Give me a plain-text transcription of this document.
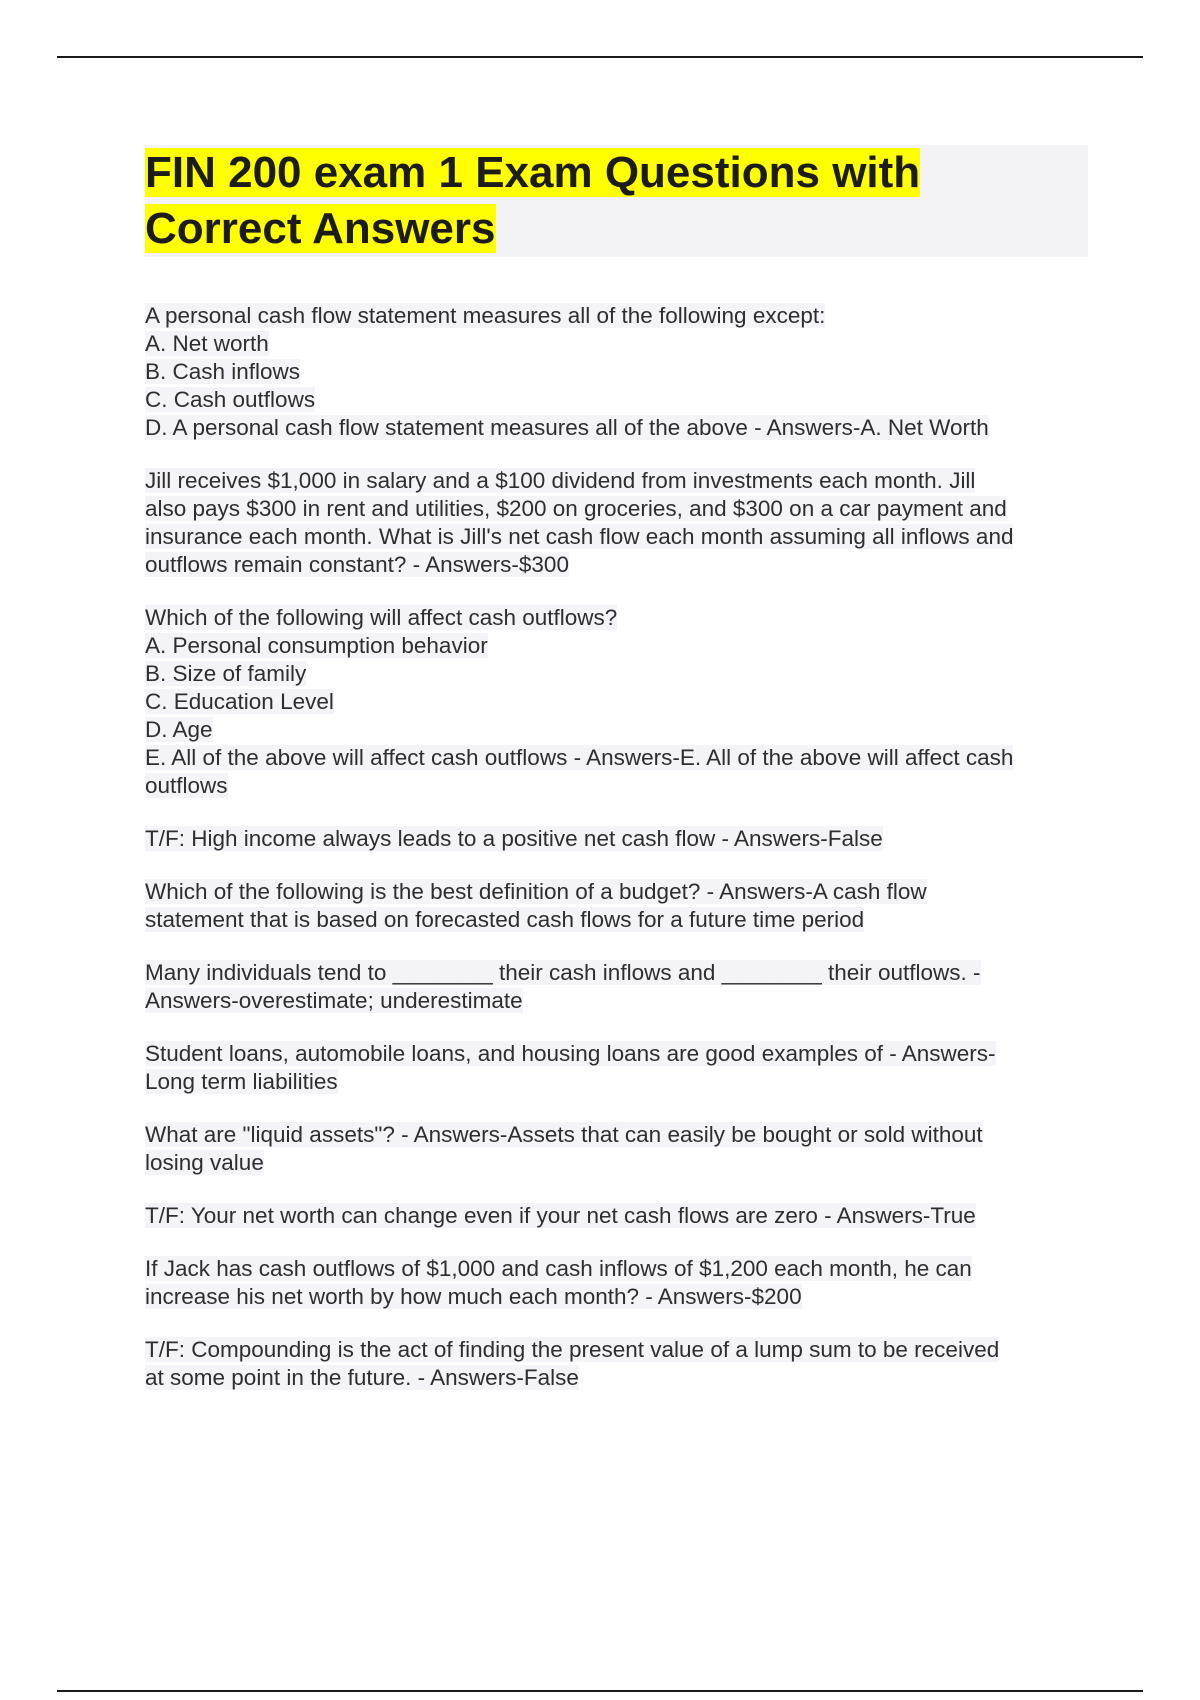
FIN 200 exam 1 Exam Questions with
Correct Answers
A personal cash flow statement measures all of the following except:
A. Net worth
B. Cash inflows
C. Cash outflows
D. A personal cash flow statement measures all of the above - Answers-A. Net Worth
Jill receives $1,000 in salary and a $100 dividend from investments each month. Jill
also pays $300 in rent and utilities, $200 on groceries, and $300 on a car payment and
insurance each month. What is Jill's net cash flow each month assuming all inflows and
outflows remain constant? - Answers-$300
Which of the following will affect cash outflows?
A. Personal consumption behavior
B. Size of family
C. Education Level
D. Age
E. All of the above will affect cash outflows - Answers-E. All of the above will affect cash
outflows
T/F: High income always leads to a positive net cash flow - Answers-False
Which of the following is the best definition of a budget? - Answers-A cash flow
statement that is based on forecasted cash flows for a future time period
Many individuals tend to ________ their cash inflows and ________ their outflows. -
Answers-overestimate; underestimate
Student loans, automobile loans, and housing loans are good examples of - Answers-
Long term liabilities
What are "liquid assets"? - Answers-Assets that can easily be bought or sold without
losing value
T/F: Your net worth can change even if your net cash flows are zero - Answers-True
If Jack has cash outflows of $1,000 and cash inflows of $1,200 each month, he can
increase his net worth by how much each month? - Answers-$200
T/F: Compounding is the act of finding the present value of a lump sum to be received
at some point in the future. - Answers-False
